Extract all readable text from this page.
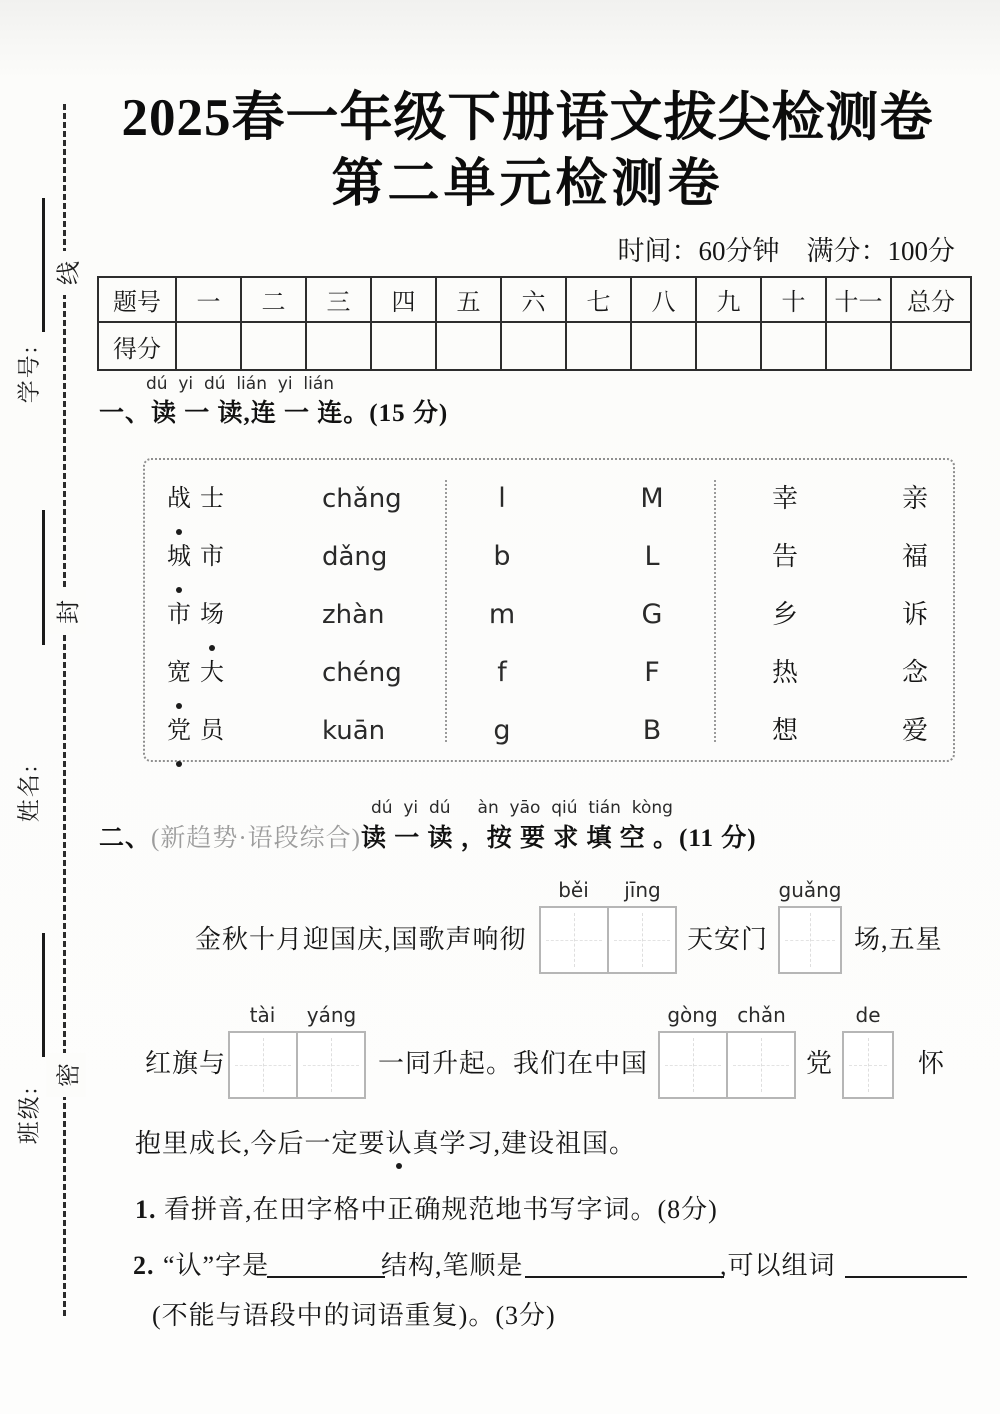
线
封
密
学号:
姓名:
班级:
2025春一年级下册语文拔尖检测卷
第二单元检测卷
时间：60分钟　满分：100分
题号	一	二	三	四	五	六	七	八	九	十	十一	总分
得分												
dú  yi  dú  lián  yi  lián
一、读 一 读,连 一 连。(15 分)
战 士	chǎng	l	M	幸	亲
城 市	dǎng	b	L	告	福
市 场	zhàn	m	G	乡	诉
宽 大	chéng	f	F	热	念
党 员	kuān	g	B	想	爱
dú  yi  dú     àn  yāo  qiú  tián  kòng
二、(新趋势·语段综合)读 一 读 ，按 要 求 填 空 。(11 分)
金秋十月迎国庆,国歌声响彻
běi	jīng
天安门
guǎng
场,五星
红旗与
tài	yáng
一同升起。我们在中国
gòng chǎn
党
de
怀
抱里成长,今后一定要认真学习,建设祖国。
1. 看拼音,在田字格中正确规范地书写字词。(8分)
2. “认”字是	结构,笔顺是	,可以组词
(不能与语段中的词语重复)。(3分)
